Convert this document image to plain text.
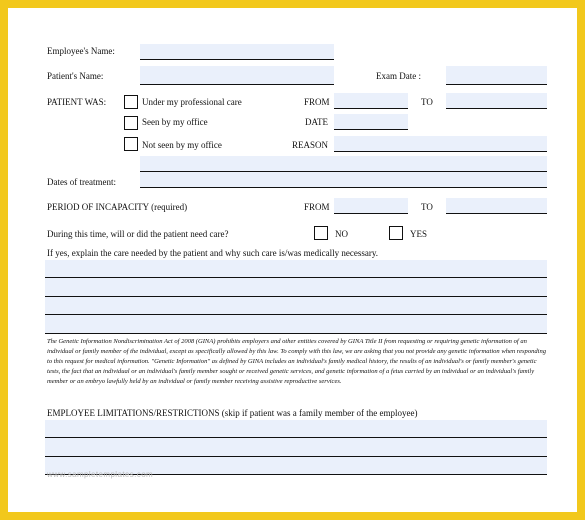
Employee's Name:
Patient's Name:	Exam Date :
PATIENT WAS:	Under my professional care	FROM	TO
Seen by my office	DATE
Not seen by my office	REASON
Dates of treatment:
PERIOD OF INCAPACITY (required)	FROM	TO
During this time, will or did the patient need care?	NO	YES
If yes, explain the care needed by the patient and why such care is/was medically necessary.
The Genetic Information Nondiscrimination Act of 2008 (GINA) prohibits employers and other entities covered by GINA Title II from requesting or requiring genetic information of an individual or family member of the individual, except as specifically allowed by this law. To comply with this law, we are asking that you not provide any genetic information when responding to this request for medical information. "Genetic Information" as defined by GINA includes an individual's family medical history, the results of an individual's or family member's genetic tests, the fact that an individual or an individual's family member sought or received genetic services, and genetic information of a fetus carried by an individual or an individual's family member or an embryo lawfully held by an individual or family member receiving assistive reproductive services.
EMPLOYEE LIMITATIONS/RESTRICTIONS (skip if patient was a family member of the employee)
www.sampletemplates.com
